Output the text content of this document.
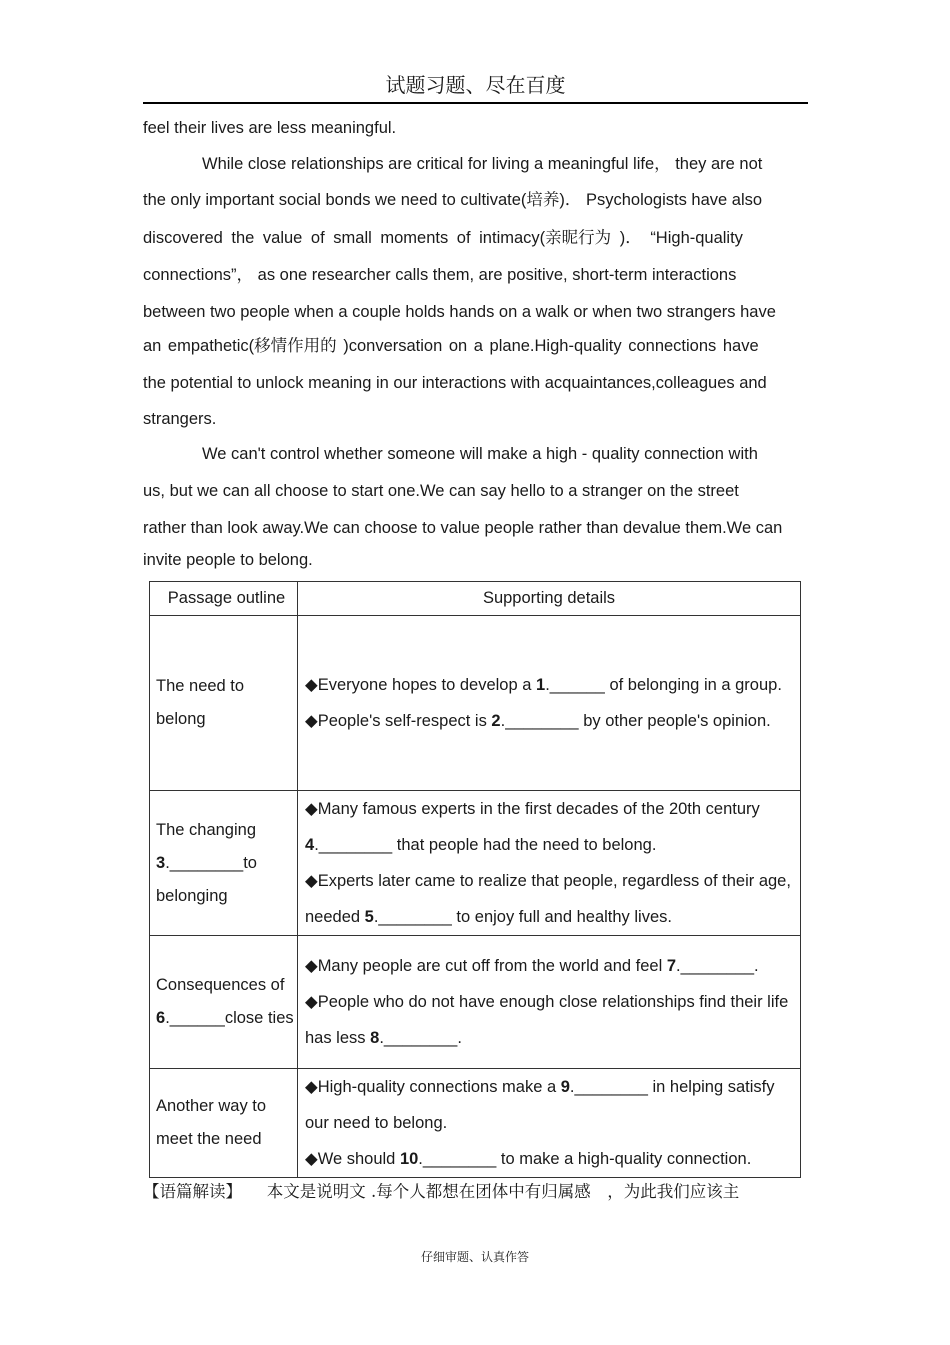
试题习题、尽在百度
feel their lives are less meaningful.
While close relationships are critical for living a meaningful life， they are not
the only important social bonds we need to cultivate(培养)． Psychologists have also
discovered the value of small moments of intimacy(亲昵行为 )． “High-quality
connections”， as one researcher calls them, are positive, short-term interactions
between two people when a couple holds hands on a walk or when two strangers have
an empathetic(移情作用的 )conversation on a plane.High-quality connections have
the potential to unlock meaning in our interactions with acquaintances,colleagues and
strangers.
We can't control whether someone will make a high - quality connection with
us, but we can all choose to start one.We can say hello to a stranger on the street
rather than look away.We can choose to value people rather than devalue them.We can
invite people to belong.
Passage outline	Supporting details
The need to belong	◆Everyone hopes to develop a 1.______ of belonging in a group.
◆People's self-respect is 2.________ by other people's opinion.

The changing 3.________to belonging	◆Many famous experts in the first decades of the 20th century 4.________ that people had the need to belong.
◆Experts later came to realize that people, regardless of their age, needed 5.________ to enjoy full and healthy lives.

Consequences of 6.______close ties	◆Many people are cut off from the world and feel 7.________.
◆People who do not have enough close relationships find their life has less 8.________.

Another way to meet the need	◆High-quality connections make a 9.________ in helping satisfy our need to belong.
◆We should 10.________ to make a high-quality connection.
【语篇解读】　　本文是说明文 .每个人都想在团体中有归属感　，为此我们应该主
仔细审题、认真作答
